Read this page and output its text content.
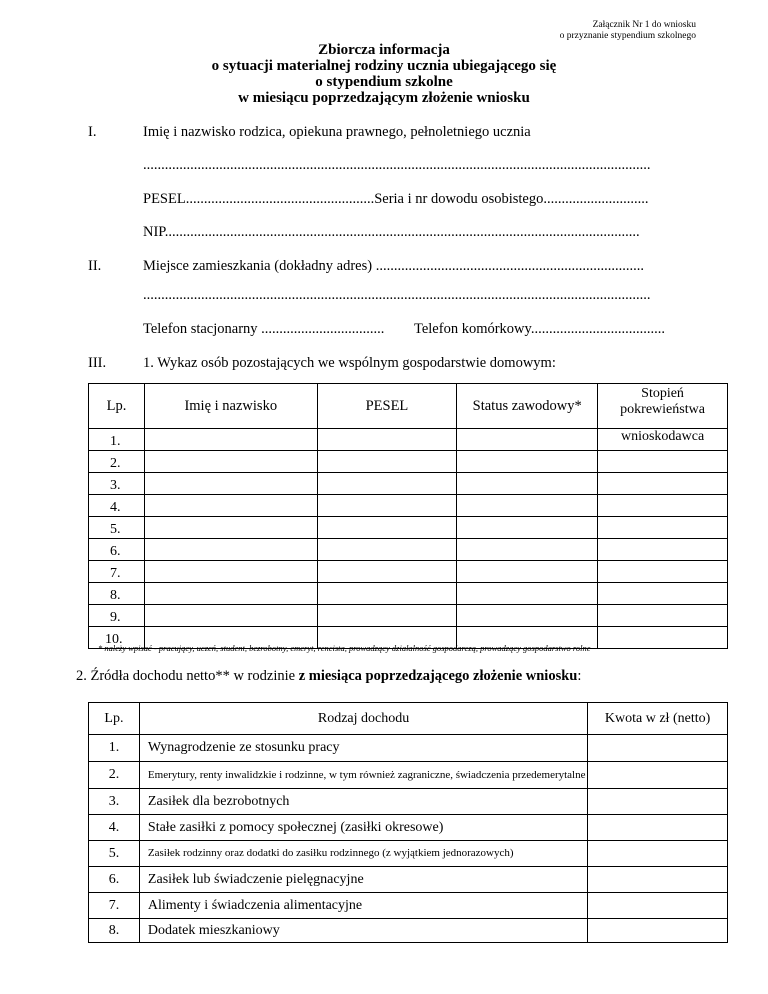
Załącznik Nr 1 do wniosku
o przyznanie stypendium szkolnego
Zbiorcza informacja
o sytuacji materialnej rodziny ucznia ubiegającego się
o stypendium szkolne
w miesiącu poprzedzającym złożenie wniosku
I.	Imię i nazwisko rodzica, opiekuna prawnego, pełnoletniego ucznia
............................................................................................................................................
PESEL....................................................Seria i nr dowodu osobistego.............................
NIP...................................................................................................................................
II.	Miejsce zamieszkania (dokładny adres) ..........................................................................
............................................................................................................................................
Telefon stacjonarny .................................. Telefon komórkowy.....................................
III.	1. Wykaz osób pozostających we wspólnym gospodarstwie domowym:
Lp.	Imię i nazwisko	PESEL	Status zawodowy*	Stopień
pokrewieństwa

1.				wnioskodawca
2.				
3.				
4.				
5.				
6.				
7.				
8.				
9.				
10.				
* należy wpisać - pracujący, uczeń, student, bezrobotny, emeryt, rencista, prowadzący działalność gospodarczą, prowadzący gospodarstwo rolne
2. Źródła dochodu netto** w rodzinie z miesiąca poprzedzającego złożenie wniosku:
Lp.	Rodzaj dochodu	Kwota w zł (netto)
1.	Wynagrodzenie ze stosunku pracy	
2.	Emerytury, renty inwalidzkie i rodzinne, w tym również zagraniczne, świadczenia przedemerytalne	
3.	Zasiłek dla bezrobotnych	
4.	Stałe zasiłki z pomocy społecznej (zasiłki okresowe)	
5.	Zasiłek rodzinny oraz dodatki do zasiłku rodzinnego (z wyjątkiem jednorazowych)	
6.	Zasiłek lub świadczenie pielęgnacyjne	
7.	Alimenty i świadczenia alimentacyjne	
8.	Dodatek mieszkaniowy	
